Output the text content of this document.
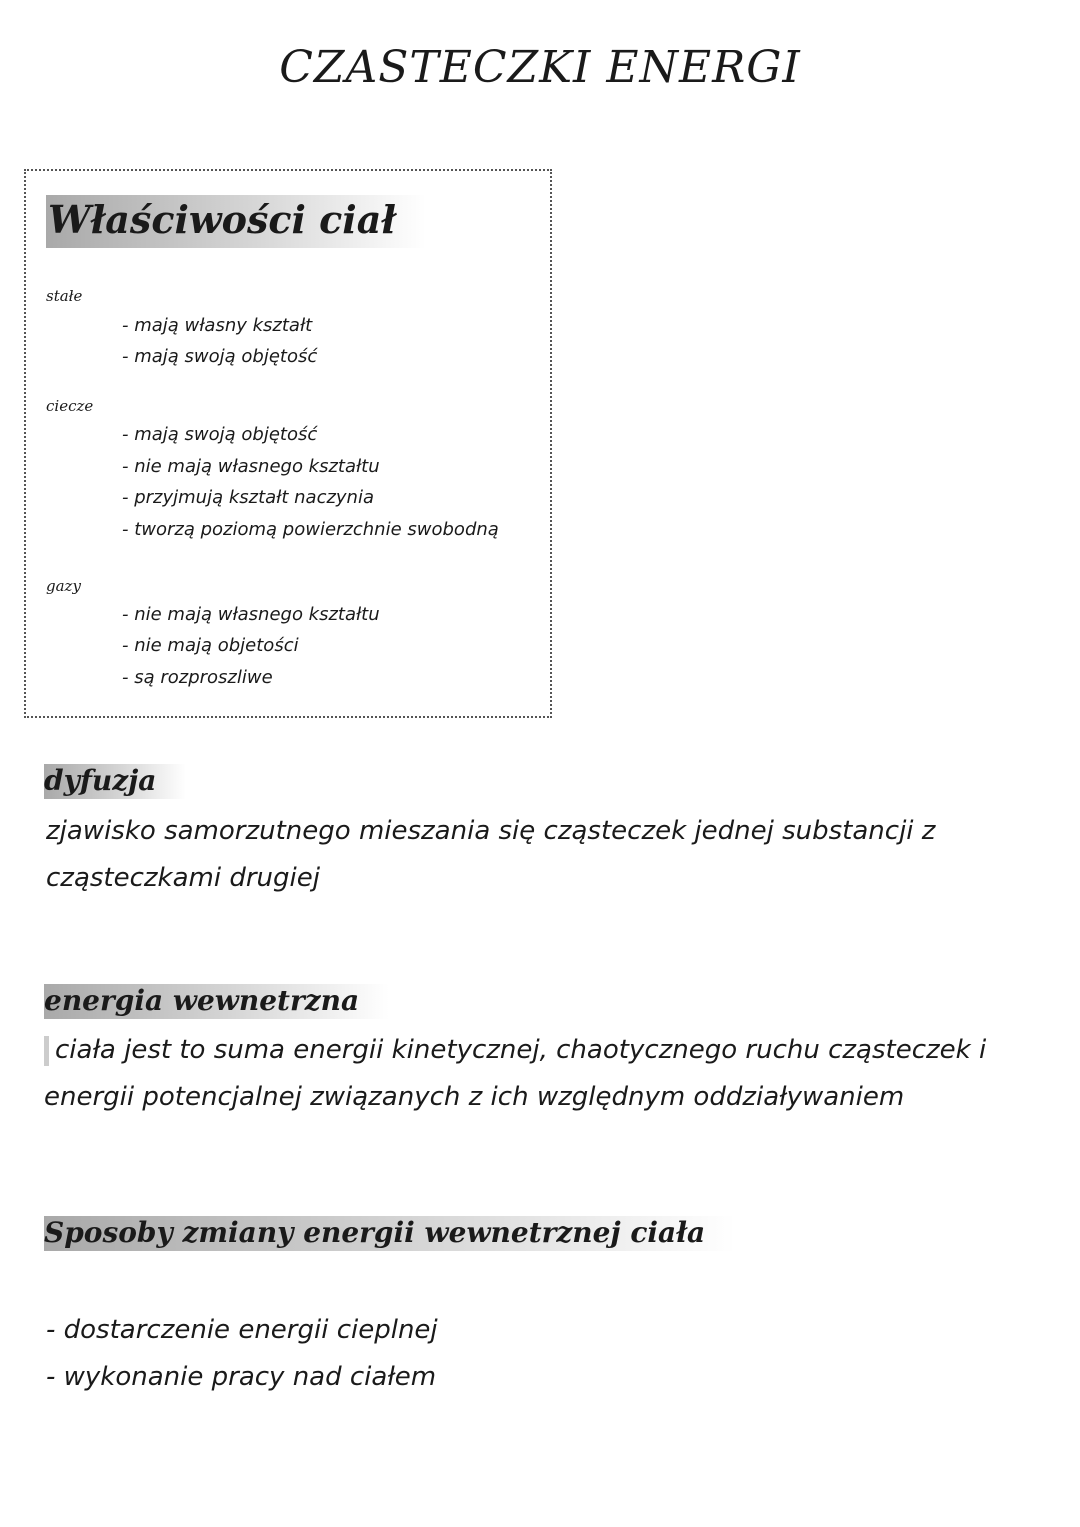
CZASTECZKI ENERGI
Właściwości ciał
stałe
- mają własny kształt
- mają swoją objętość
ciecze
- mają swoją objętość
- nie mają własnego kształtu
- przyjmują kształt naczynia
- tworzą poziomą powierzchnie swobodną
gazy
- nie mają własnego kształtu
- nie mają objetości
- są rozproszliwe
dyfuzja
zjawisko samorzutnego mieszania się cząsteczek jednej substancji z cząsteczkami drugiej
energia wewnetrzna
ciała jest to suma energii kinetycznej, chaotycznego ruchu cząsteczek i energii potencjalnej związanych z ich względnym oddziaływaniem
Sposoby zmiany energii wewnetrznej ciała
- dostarczenie energii cieplnej
- wykonanie pracy nad ciałem
